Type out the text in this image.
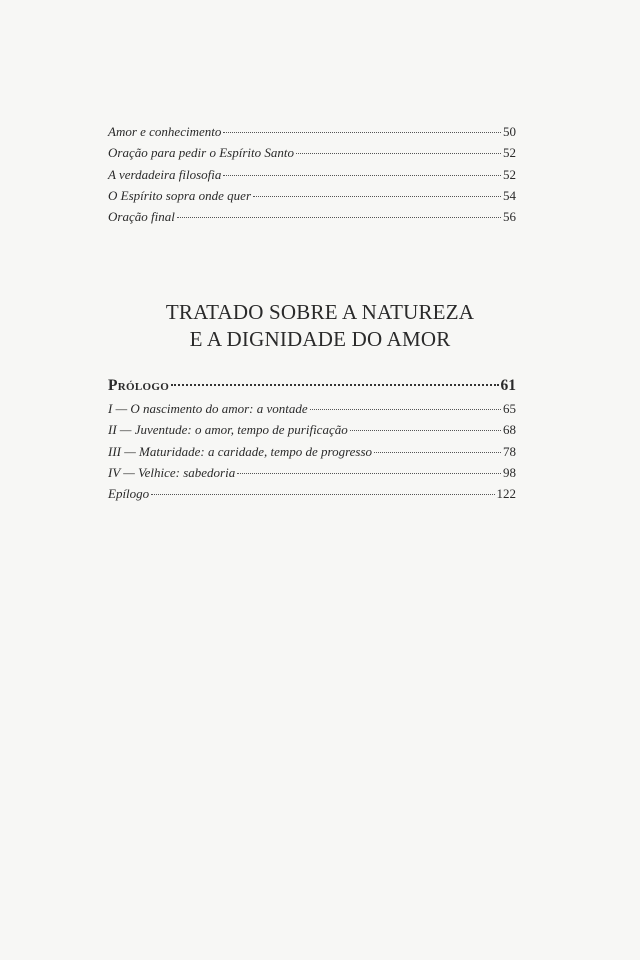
Amor e conhecimento	50
Oração para pedir o Espírito Santo	52
A verdadeira filosofia	52
O Espírito sopra onde quer	54
Oração final	56
TRATADO SOBRE A NATUREZA
E A DIGNIDADE DO AMOR
Prólogo	61
I — O nascimento do amor: a vontade	65
II — Juventude: o amor, tempo de purificação	68
III — Maturidade: a caridade, tempo de progresso	78
IV — Velhice: sabedoria	98
Epílogo	122
